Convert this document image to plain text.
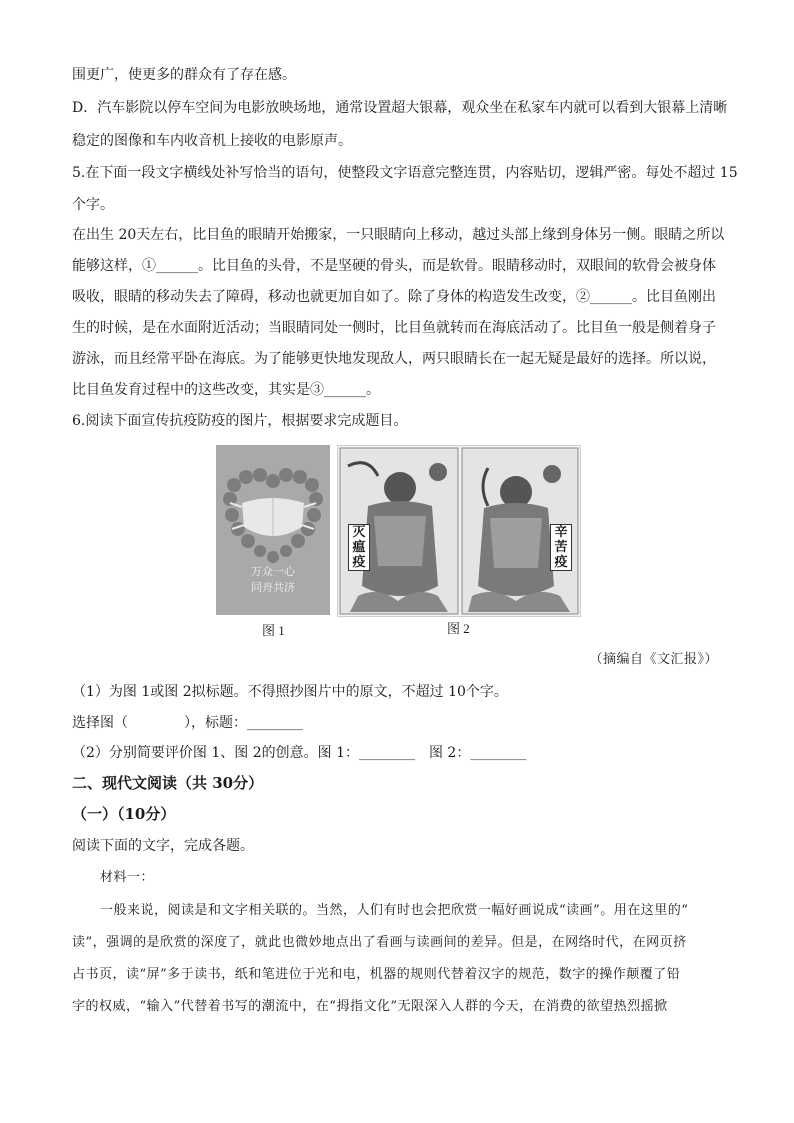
围更广，使更多的群众有了存在感。
D．汽车影院以停车空间为电影放映场地，通常设置超大银幕，观众坐在私家车内就可以看到大银幕上清晰
稳定的图像和车内收音机上接收的电影原声。
5.在下面一段文字横线处补写恰当的语句，使整段文字语意完整连贯，内容贴切，逻辑严密。每处不超过 15
个字。
在出生 20天左右，比目鱼的眼睛开始搬家，一只眼睛向上移动，越过头部上缘到身体另一侧。眼睛之所以
能够这样，①______。比目鱼的头骨，不是坚硬的骨头，而是软骨。眼睛移动时，双眼间的软骨会被身体
吸收，眼睛的移动失去了障碍，移动也就更加自如了。除了身体的构造发生改变，②______。比目鱼刚出
生的时候，是在水面附近活动；当眼睛同处一侧时，比目鱼就转而在海底活动了。比目鱼一般是侧着身子
游泳，而且经常平卧在海底。为了能够更快地发现敌人，两只眼睛长在一起无疑是最好的选择。所以说，
比目鱼发育过程中的这些改变，其实是③______。
6.阅读下面宣传抗疫防疫的图片，根据要求完成题目。
万众一心
同舟共济
灭瘟疫
辛苦疫
图 1	图 2
（摘编自《文汇报》）
（1）为图 1或图 2拟标题。不得照抄图片中的原文，不超过 10个字。
选择图（　　　　），标题：________
（2）分别简要评价图 1、图 2的创意。图 1：________　图 2：________
二、现代文阅读（共 30分）
（一）（10分）
阅读下面的文字，完成各题。
材料一：
一般来说，阅读是和文字相关联的。当然，人们有时也会把欣赏一幅好画说成“读画”。用在这里的“
读”，强调的是欣赏的深度了，就此也微妙地点出了看画与读画间的差异。但是，在网络时代，在网页挤
占书页，读“屏”多于读书，纸和笔进位于光和电，机器的规则代替着汉字的规范，数字的操作颠覆了铅
字的权威，“输入”代替着书写的潮流中，在“拇指文化”无限深入人群的今天，在消费的欲望热烈摇掀
